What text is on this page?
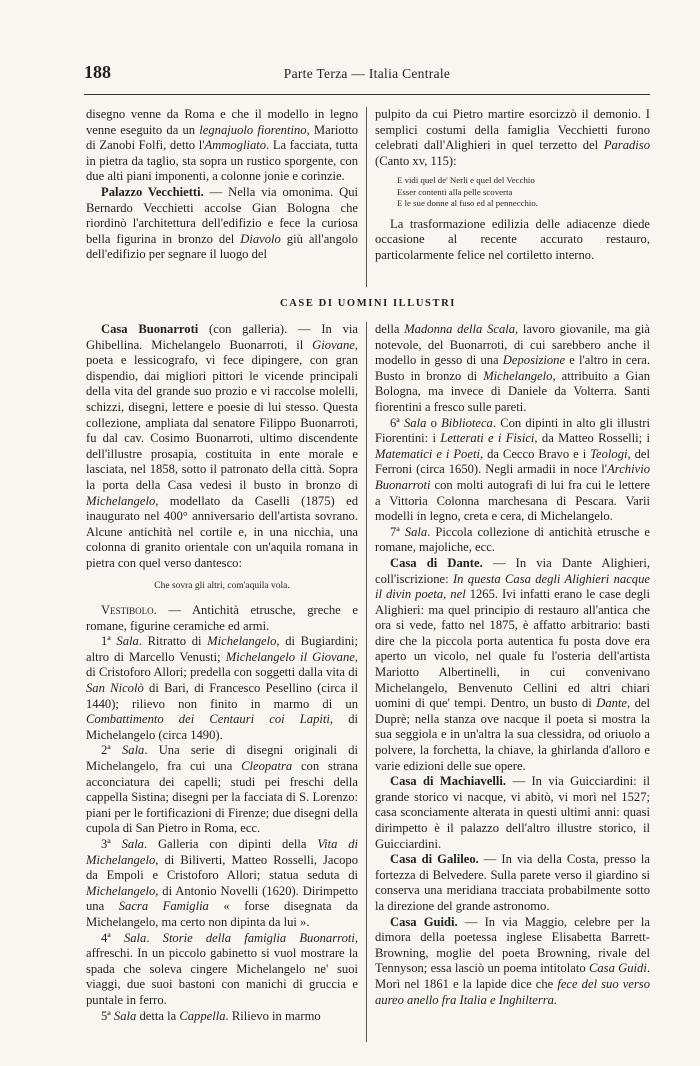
188	Parte Terza — Italia Centrale

disegno venne da Roma e che il modello in legno venne eseguito da un legnajuolo fiorentino, Mariotto di Zanobi Folfi, detto l'Ammogliato. La facciata, tutta in pietra da taglio, sta sopra un rustico sporgente, con due alti piani imponenti, a colonne jonie e corinzie.

Palazzo Vecchietti. — Nella via omonima. Qui Bernardo Vecchietti accolse Gian Bologna che riordinò l'architettura dell'edifizio e fece la curiosa bella figurina in bronzo del Diavolo giù all'angolo dell'edifizio per segnare il luogo del

pulpito da cui Pietro martire esorcizzò il demonio. I semplici costumi della famiglia Vecchietti furono celebrati dall'Alighieri in quel terzetto del Paradiso (Canto xv, 115):

E vidi quel de' Nerli e quel del Vecchio
Esser contenti alla pelle scoverta
E le sue donne al fuso ed al pennecchio.

La trasformazione edilizia delle adiacenze diede occasione al recente accurato restauro, particolarmente felice nel cortiletto interno.

CASE DI UOMINI ILLUSTRI

Casa Buonarroti (con galleria). — In via Ghibellina. Michelangelo Buonarroti, il Giovane, poeta e lessicografo, vi fece dipingere, con gran dispendio, dai migliori pittori le vicende principali della vita del grande suo prozio e vi raccolse molelli, schizzi, disegni, lettere e poesie di lui stesso. Questa collezione, ampliata dal senatore Filippo Buonarroti, fu dal cav. Cosimo Buonarroti, ultimo discendente dell'illustre prosapia, costituita in ente morale e lasciata, nel 1858, sotto il patronato della città. Sopra la porta della Casa vedesi il busto in bronzo di Michelangelo, modellato da Caselli (1875) ed inaugurato nel 400° anniversario dell'artista sovrano. Alcune antichità nel cortile e, in una nicchia, una colonna di granito orientale con un'aquila romana in pietra con quel verso dantesco:

Che sovra gli altri, com'aquila vola.

Vestibolo. — Antichità etrusche, greche e romane, figurine ceramiche ed armi.

1ª Sala. Ritratto di Michelangelo, di Bugiardini; altro di Marcello Venusti; Michelangelo il Giovane, di Cristoforo Allori; predella con soggetti dalla vita di San Nicolò di Bari, di Francesco Pesellino (circa il 1440); rilievo non finito in marmo di un Combattimento dei Centauri coi Lapiti, di Michelangelo (circa 1490).

2ª Sala. Una serie di disegni originali di Michelangelo, fra cui una Cleopatra con strana acconciatura dei capelli; studi pei freschi della cappella Sistina; disegni per la facciata di S. Lorenzo: piani per le fortificazioni di Firenze; due disegni della cupola di San Pietro in Roma, ecc.

3ª Sala. Galleria con dipinti della Vita di Michelangelo, di Biliverti, Matteo Rosselli, Jacopo da Empoli e Cristoforo Allori; statua seduta di Michelangelo, di Antonio Novelli (1620). Dirimpetto una Sacra Famiglia « forse disegnata da Michelangelo, ma certo non dipinta da lui ».

4ª Sala. Storie della famiglia Buonarroti, affreschi. In un piccolo gabinetto si vuol mostrare la spada che soleva cingere Michelangelo ne' suoi viaggi, due suoi bastoni con manichi di gruccia e puntale in ferro.

5ª Sala detta la Cappella. Rilievo in marmo

della Madonna della Scala, lavoro giovanile, ma già notevole, del Buonarroti, di cui sarebbero anche il modello in gesso di una Deposizione e l'altro in cera. Busto in bronzo di Michelangelo, attribuito a Gian Bologna, ma invece di Daniele da Volterra. Santi fiorentini a fresco sulle pareti.

6ª Sala o Biblioteca. Con dipinti in alto gli illustri Fiorentini: i Letterati e i Fisici, da Matteo Rosselli; i Matematici e i Poeti, da Cecco Bravo e i Teologi, del Ferroni (circa 1650). Negli armadii in noce l'Archivio Buonarroti con molti autografi di lui fra cui le lettere a Vittoria Colonna marchesana di Pescara. Varii modelli in legno, creta e cera, di Michelangelo.

7ª Sala. Piccola collezione di antichità etrusche e romane, majoliche, ecc.

Casa di Dante. — In via Dante Alighieri, coll'iscrizione: In questa Casa degli Alighieri nacque il divin poeta, nel 1265. Ivi infatti erano le case degli Alighieri: ma quel principio di restauro all'antica che ora si vede, fatto nel 1875, è affatto arbitrario: basti dire che la piccola porta autentica fu posta dove era aperto un vicolo, nel quale fu l'osteria dell'artista Mariotto Albertinelli, in cui convenivano Michelangelo, Benvenuto Cellini ed altri chiari uomini di que' tempi. Dentro, un busto di Dante, del Duprè; nella stanza ove nacque il poeta si mostra la sua seggiola e in un'altra la sua clessidra, od oriuolo a polvere, la forchetta, la chiave, la ghirlanda d'alloro e varie edizioni delle sue opere.

Casa di Machiavelli. — In via Guicciardini: il grande storico vi nacque, vi abitò, vi morì nel 1527; casa sconciamente alterata in questi ultimi anni: quasi dirimpetto è il palazzo dell'altro illustre storico, il Guicciardini.

Casa di Galileo. — In via della Costa, presso la fortezza di Belvedere. Sulla parete verso il giardino si conserva una meridiana tracciata probabilmente sotto la direzione del grande astronomo.

Casa Guidi. — In via Maggio, celebre per la dimora della poetessa inglese Elisabetta Barrett-Browning, moglie del poeta Browning, rivale del Tennyson; essa lasciò un poema intitolato Casa Guidi. Morì nel 1861 e la lapide dice che fece del suo verso aureo anello fra Italia e Inghilterra.
